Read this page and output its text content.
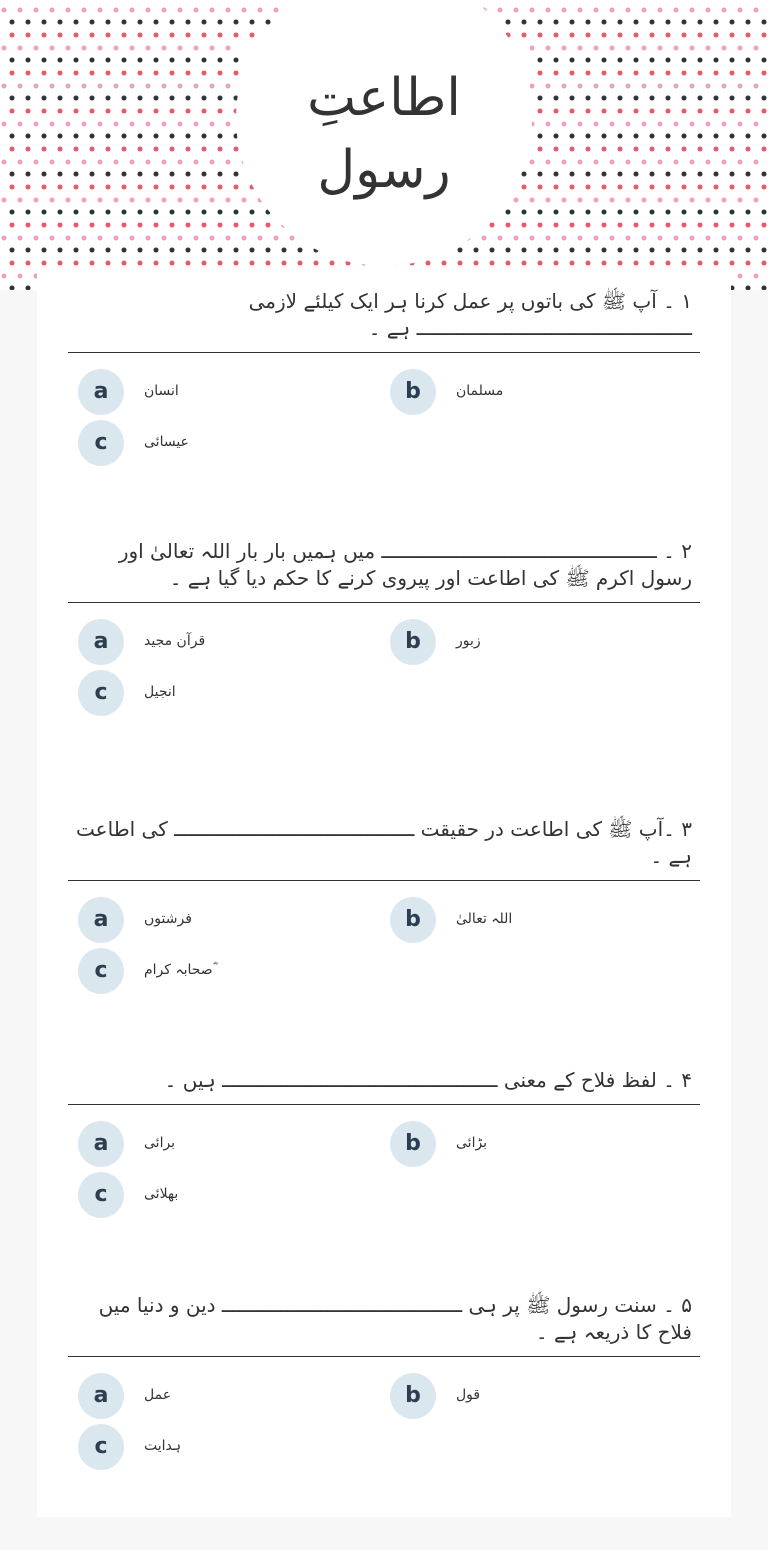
اطاعتِ رسول
۱ ۔ آپ ﷺ کی باتوں پر عمل کرنا ہر ایک کیلئے لازمی ـــــــــــــــــــــــــــــــــــــــــــــــ ہے ۔
a	انسان	b	مسلمان
c	عیسائی
۲ ۔ ـــــــــــــــــــــــــــــــــــــــــــــــ میں ہمیں بار بار اللہ تعالیٰ اور رسول اکرم ﷺ کی اطاعت اور پیروی کرنے کا حکم دیا گیا ہے ۔
a	قرآن مجید	b	زبور
c	انجیل
۳ ۔آپ ﷺ کی اطاعت در حقیقت ـــــــــــــــــــــــــــــــــــــــــ کی اطاعت ہے ۔
a	فرشتوں	b	اللہ تعالیٰ
c	صحابہ کرام ؓ
۴ ۔ لفظ فلاح کے معنی ـــــــــــــــــــــــــــــــــــــــــــــــ ہیں ۔
a	برائی	b	بڑائی
c	بھلائی
۵ ۔ سنت رسول ﷺ پر ہی ـــــــــــــــــــــــــــــــــــــــــ دین و دنیا میں فلاح کا ذریعہ ہے ۔
a	عمل	b	قول
c	ہدایت
